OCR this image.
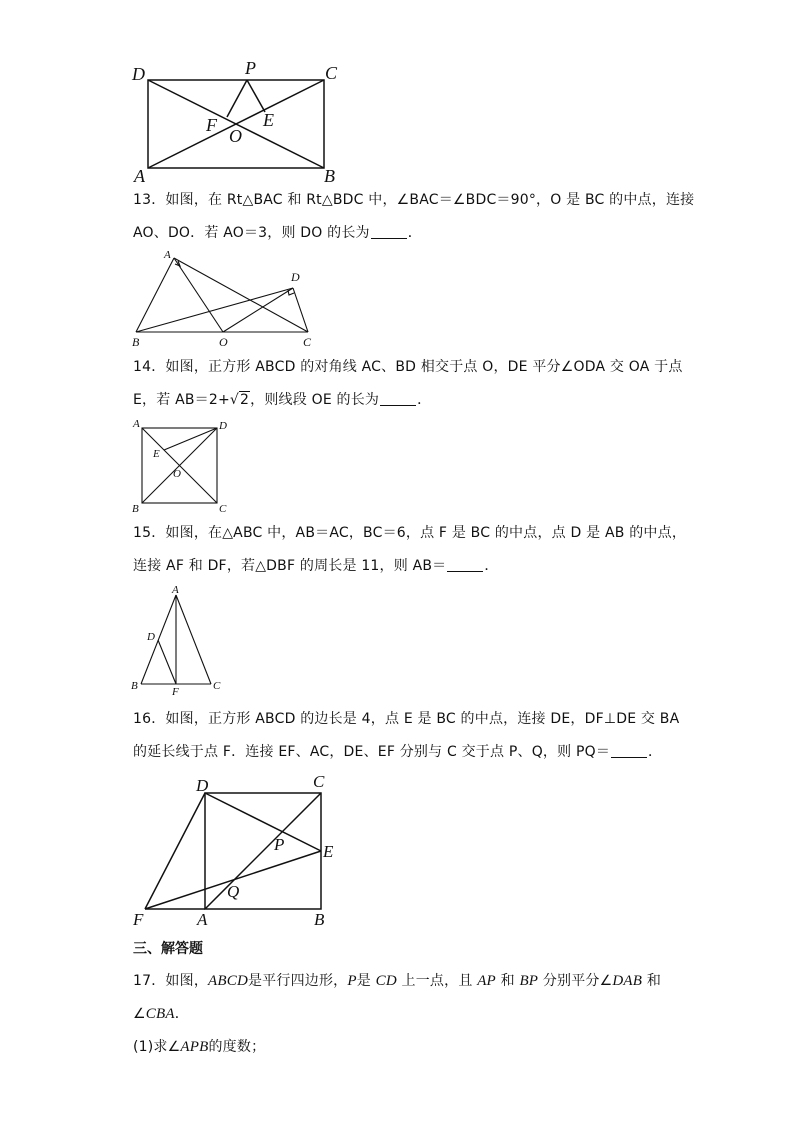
D	P	C
F
O
E
A	B
13．如图，在 Rt△BAC 和 Rt△BDC 中，∠BAC＝∠BDC＝90°，O 是 BC 的中点，连接
AO、DO．若 AO＝3，则 DO 的长为	．
A
D
B	O	C
14．如图，正方形 ABCD 的对角线 AC、BD 相交于点 O，DE 平分∠ODA 交 OA 于点
E，若 AB＝2+√2，则线段 OE 的长为	．
A	D
E
O
B	C
15．如图，在△ABC 中，AB＝AC，BC＝6，点 F 是 BC 的中点，点 D 是 AB 的中点，
连接 AF 和 DF，若△DBF 的周长是 11，则 AB＝	．
A
D
B	F	C
16．如图，正方形 ABCD 的边长是 4，点 E 是 BC 的中点，连接 DE，DF⊥DE 交 BA
的延长线于点 F．连接 EF、AC，DE、EF 分别与 C 交于点 P、Q，则 PQ＝	．
D	C
P E
Q
F	A	B
三、解答题
17．如图，ABCD是平行四边形，P是 CD 上一点，且 AP 和 BP 分别平分∠DAB 和
∠CBA．
(1)求∠APB的度数；
